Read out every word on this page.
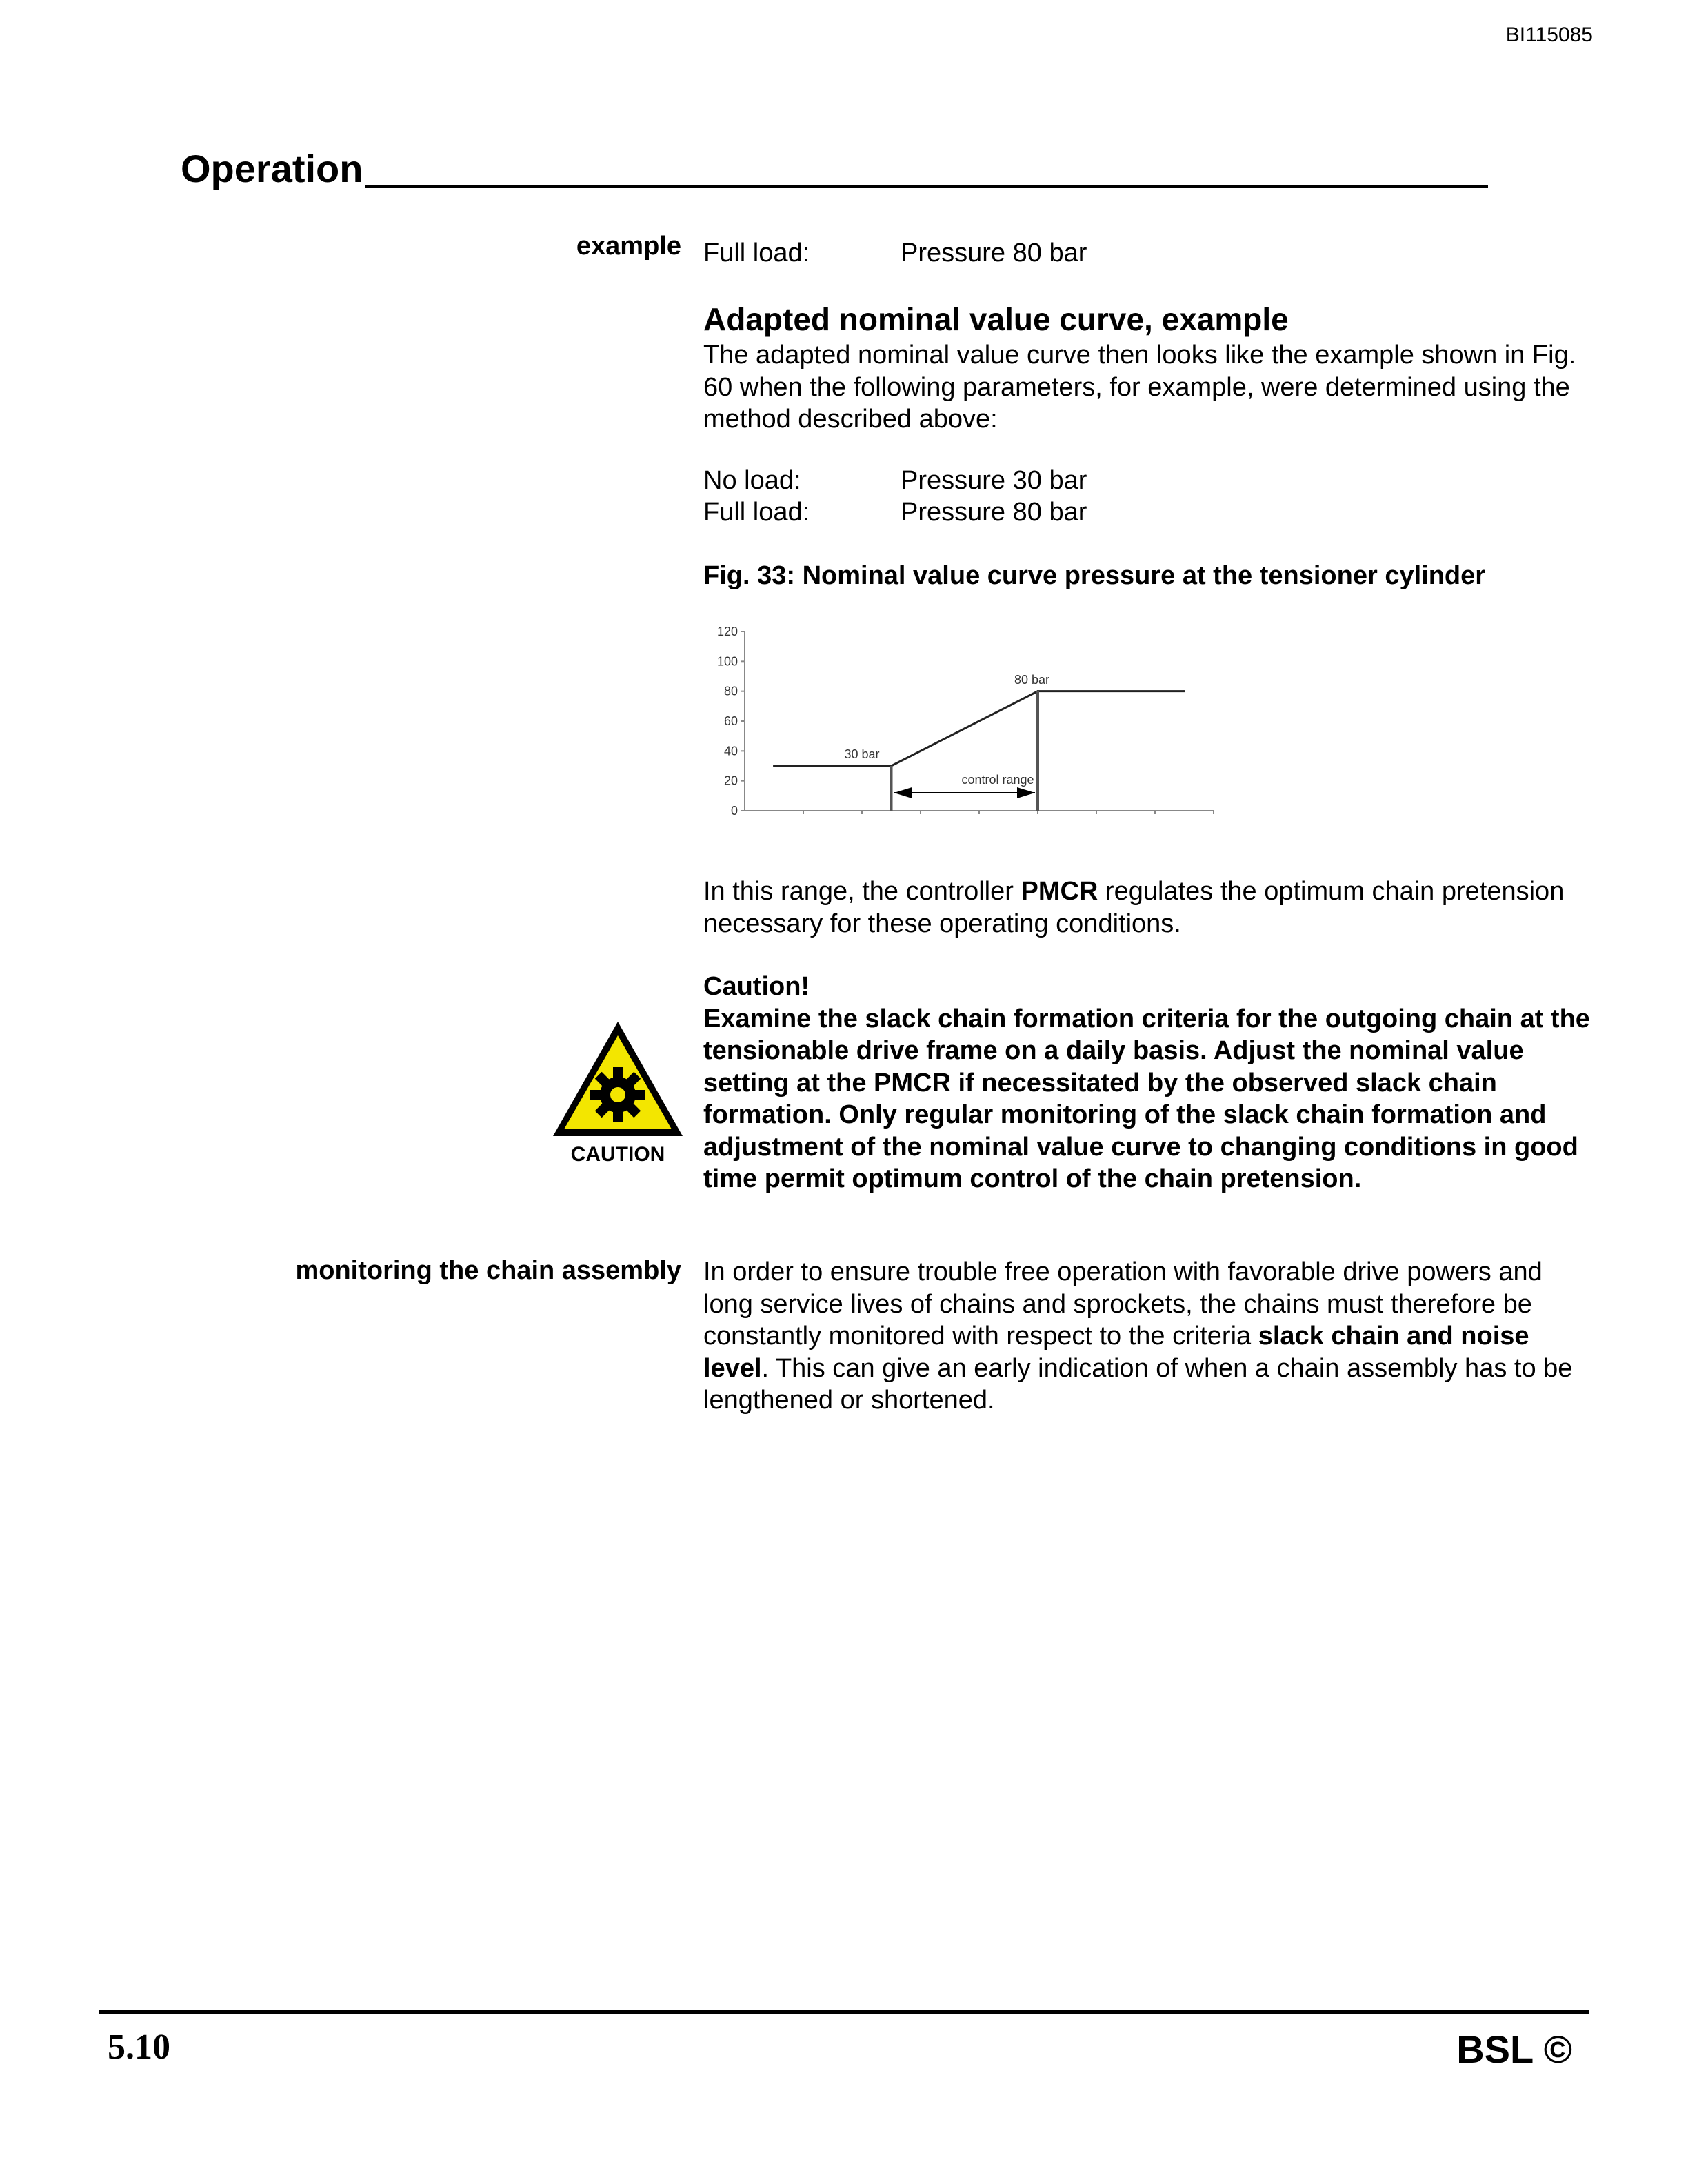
BI115085
Operation
example Full load:	Pressure 80 bar
Adapted nominal value curve, example
The adapted nominal value curve then looks like the example shown in Fig. 60 when the following parameters, for example, were determined using the method described above:
No load:	Pressure 30 bar
Full load:	Pressure 80 bar
Fig. 33: Nominal value curve pressure at the tensioner cylinder
0
20
40
60
80
100
120
30 bar
80 bar
control range
In this range, the controller PMCR regulates the optimum chain pretension necessary for these operating conditions.
CAUTION

Caution!

Examine the slack chain formation criteria for the outgoing chain at the tensionable drive frame on a daily basis. Adjust the nominal value setting at the PMCR if necessitated by the observed slack chain formation. Only regular monitoring of the slack chain formation and adjustment of the nominal value curve to changing conditions in good time permit optimum control of the chain pretension.

monitoring the chain assembly In order to ensure trouble free operation with favorable drive powers and long service lives of chains and sprockets, the chains must therefore be constantly monitored with respect to the criteria slack chain and noise level. This can give an early indication of when a chain assembly has to be lengthened or shortened.
5.10	BSL ©
